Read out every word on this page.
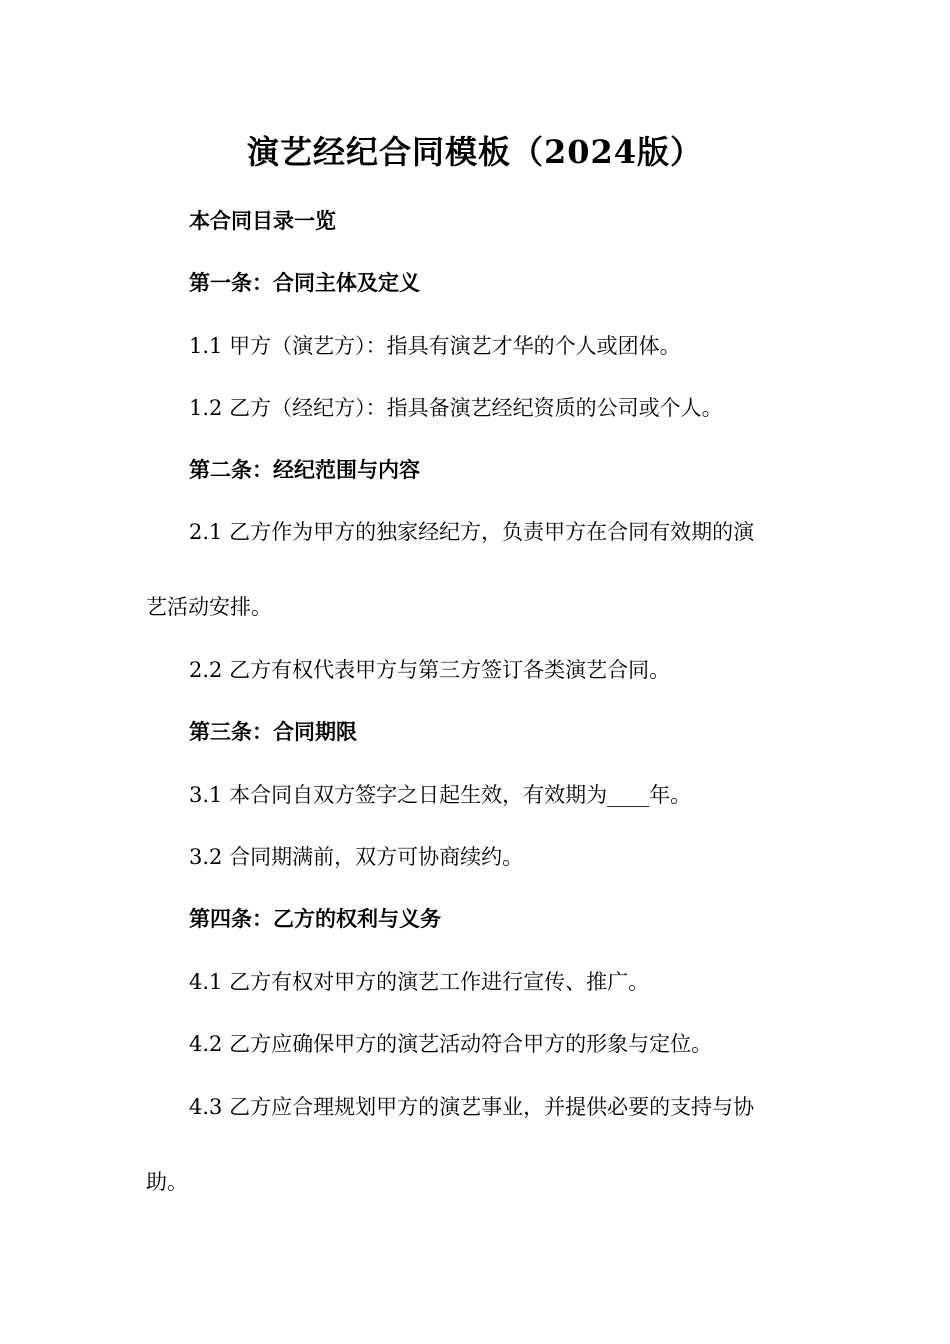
演艺经纪合同模板（2024版）
本合同目录一览
第一条：合同主体及定义
1.1 甲方（演艺方）：指具有演艺才华的个人或团体。
1.2 乙方（经纪方）：指具备演艺经纪资质的公司或个人。
第二条：经纪范围与内容
2.1 乙方作为甲方的独家经纪方，负责甲方在合同有效期的演
艺活动安排。
2.2 乙方有权代表甲方与第三方签订各类演艺合同。
第三条：合同期限
3.1 本合同自双方签字之日起生效，有效期为____年。
3.2 合同期满前，双方可协商续约。
第四条：乙方的权利与义务
4.1 乙方有权对甲方的演艺工作进行宣传、推广。
4.2 乙方应确保甲方的演艺活动符合甲方的形象与定位。
4.3 乙方应合理规划甲方的演艺事业，并提供必要的支持与协
助。
